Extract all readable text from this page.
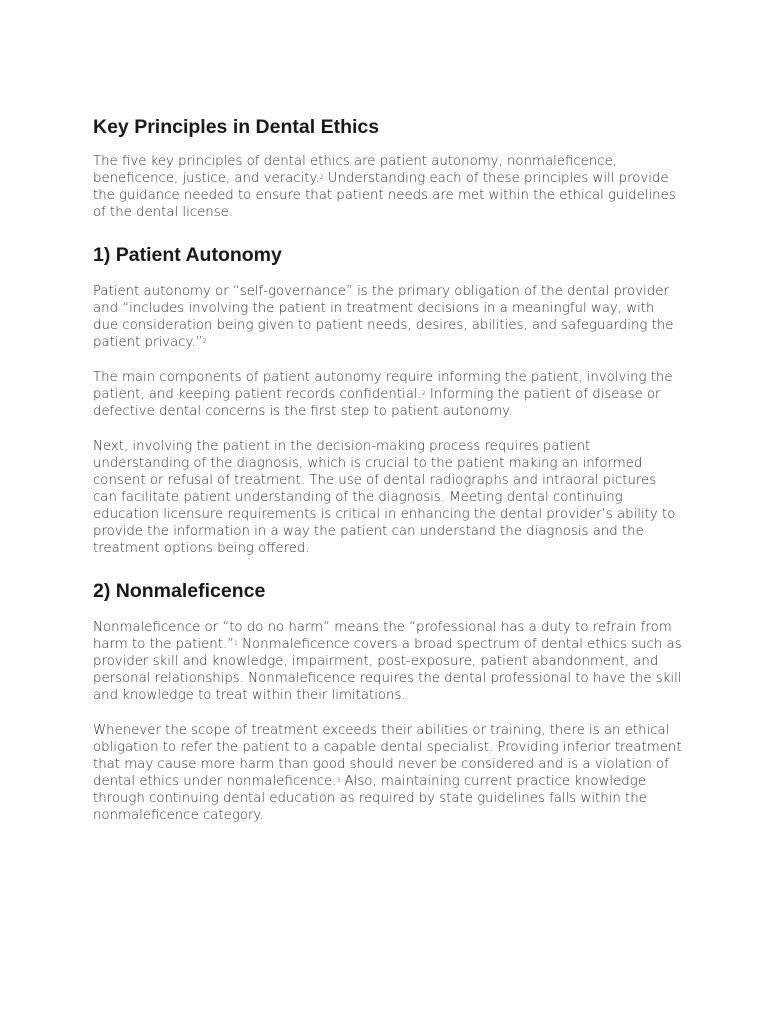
Key Principles in Dental Ethics

The five key principles of dental ethics are patient autonomy, nonmaleficence, beneficence, justice, and veracity.$^2$ Understanding each of these principles will provide the guidance needed to ensure that patient needs are met within the ethical guidelines of the dental license.

1) Patient Autonomy

Patient autonomy or “self-governance” is the primary obligation of the dental provider and “includes involving the patient in treatment decisions in a meaningful way, with due consideration being given to patient needs, desires, abilities, and safeguarding the patient privacy.”$^2$

The main components of patient autonomy require informing the patient, involving the patient, and keeping patient records confidential.$^2$ Informing the patient of disease or defective dental concerns is the first step to patient autonomy.

Next, involving the patient in the decision-making process requires patient understanding of the diagnosis, which is crucial to the patient making an informed consent or refusal of treatment. The use of dental radiographs and intraoral pictures can facilitate patient understanding of the diagnosis. Meeting dental continuing education licensure requirements is critical in enhancing the dental provider’s ability to provide the information in a way the patient can understand the diagnosis and the treatment options being offered.

2) Nonmaleficence

Nonmaleficence or “to do no harm” means the “professional has a duty to refrain from harm to the patient.”$^1$ Nonmaleficence covers a broad spectrum of dental ethics such as provider skill and knowledge, impairment, post-exposure, patient abandonment, and personal relationships. Nonmaleficence requires the dental professional to have the skill and knowledge to treat within their limitations.

Whenever the scope of treatment exceeds their abilities or training, there is an ethical obligation to refer the patient to a capable dental specialist. Providing inferior treatment that may cause more harm than good should never be considered and is a violation of dental ethics under nonmaleficence.$^3$ Also, maintaining current practice knowledge through continuing dental education as required by state guidelines falls within the nonmaleficence category.
